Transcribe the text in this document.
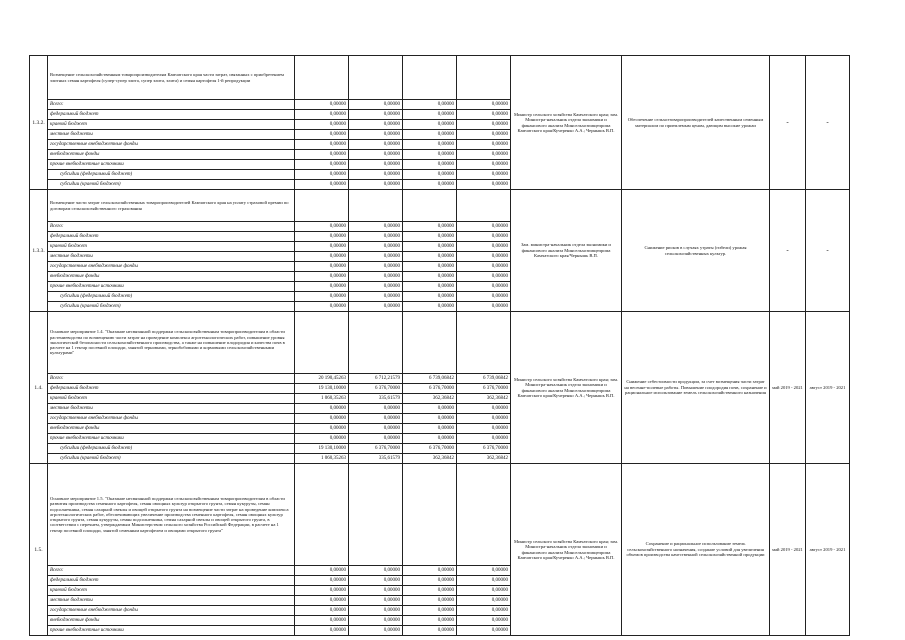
1.3.2.	Возмещение сельскохозяйственным товаропроизводителям Камчатского края части затрат, связанных с приобретением элитных семян картофеля (супер-супер элита, супер элита, элита) и семян картофеля 1-й репродукции					Министр сельского хозяйства Камчатского края; зам. Министра-начальник отдела экономики и финансового анализа Минсельхозпищепрома Камчатского края/Кучеренко А.А.; Чернышь В.П.	Обеспечение сельхозтоваропроизводителей качественным семенным материалом по приемлемым ценам, дающим высокие урожаи	-	-
	Всего:	0,00000	0,00000	0,00000	0,00000				
	федеральный бюджет	0,00000	0,00000	0,00000	0,00000				
	краевой бюджет	0,00000	0,00000	0,00000	0,00000				
	местные бюджеты	0,00000	0,00000	0,00000	0,00000				
	государственные внебюджетные фонды	0,00000	0,00000	0,00000	0,00000				
	внебюджетные фонды	0,00000	0,00000	0,00000	0,00000				
	прочие внебюджетные источники	0,00000	0,00000	0,00000	0,00000				
	субсидии (федеральный бюджет)	0,00000	0,00000	0,00000	0,00000				
	субсидии (краевой бюджет)	0,00000	0,00000	0,00000	0,00000				
1.3.3.	Возмещение части затрат сельскохозяйственных товаропроизводителей Камчатского края на уплату страховой премии по договорам сельскохозяйственного страхования					Зам. министра-начальник отдела экономики и финансового анализа Минсельхозпищепрома Камчатского края/Чернышь В.П.	Снижение рисков в случаях утраты (гибели) урожая сельскохозяйственных культур.	-	-
	Всего:	0,00000	0,00000	0,00000	0,00000				
	федеральный бюджет	0,00000	0,00000	0,00000	0,00000				
	краевой бюджет	0,00000	0,00000	0,00000	0,00000				
	местные бюджеты	0,00000	0,00000	0,00000	0,00000				
	государственные внебюджетные фонды	0,00000	0,00000	0,00000	0,00000				
	внебюджетные фонды	0,00000	0,00000	0,00000	0,00000				
	прочие внебюджетные источники	0,00000	0,00000	0,00000	0,00000				
	субсидии (федеральный бюджет)	0,00000	0,00000	0,00000	0,00000				
	субсидии (краевой бюджет)	0,00000	0,00000	0,00000	0,00000				
1.4.	Основное мероприятие 1.4. "Оказание несвязанной поддержки сельскохозяйственным товаропроизводителям в области растениеводства по возмещению части затрат на проведение комплекса агротехнологических работ, повышение уровня экологической безопасности сельскохозяйственного производства, а также на повышение плодородия и качества почв в расчете на 1 гектар посевной площади, занятой зерновыми, зернобобовыми и кормовыми сельскохозяйственными культурами"					Министр сельского хозяйства Камчатского края; зам. Министра-начальник отдела экономики и финансового анализа Минсельхозпищепрома Камчатского края/Кучеренко А.А.; Чернышь В.П.	Снижение себестоимости продукции, за счет возмещения части затрат на весенне-полевые работы. Повышение плодородия почв, сохранение и рациональное использование земель сельскохозяйственного назначения	май 2019 - 2021	август 2019 - 2021
	Всего:	20 190,45263	6 712,21579	6 739,06842	6 739,06842				
	федеральный бюджет	19 130,10000	6 376,70000	6 376,70000	6 376,70000				
	краевой бюджет	1 060,35263	335,61579	362,36842	362,36842				
	местные бюджеты	0,00000	0,00000	0,00000	0,00000				
	государственные внебюджетные фонды	0,00000	0,00000	0,00000	0,00000				
	внебюджетные фонды	0,00000	0,00000	0,00000	0,00000				
	прочие внебюджетные источники	0,00000	0,00000	0,00000	0,00000				
	субсидии (федеральный бюджет)	19 130,10000	6 376,70000	6 376,70000	6 376,70000				
	субсидии (краевой бюджет)	1 060,35263	335,61579	362,36842	362,36842				
1.5.	Основное мероприятие 1.5. "Оказание несвязанной поддержки сельскохозяйственным товаропроизводителям в области развития производства семенного картофеля, семян овощных культур открытого грунта, семян кукурузы, семян подсолнечника, семян сахарной свеклы и овощей открытого грунта на возмещение части затрат на проведение комплекса агротехнологических работ, обеспечивающих увеличение производства семенного картофеля, семян овощных культур открытого грунта, семян кукурузы, семян подсолнечника, семян сахарной свеклы и овощей открытого грунта, в соответствии с перечнем, утверждаемым Министерством сельского хозяйства Российской Федерации, в расчете на 1 гектар посевной площади, занятой семенным картофелем и овощами открытого грунта"					Министр сельского хозяйства Камчатского края; зам. Министра-начальник отдела экономики и финансового анализа Минсельхозпищепрома Камчатского края/Кучеренко А.А.; Чернышь В.П.	Сохранение и рациональное использование земель сельскохозяйственного назначения, создание условий для увеличения объемов производства качественной сельскохозяйственной продукции	май 2019 - 2021	август 2019 - 2021
	Всего:	0,00000	0,00000	0,00000	0,00000				
	федеральный бюджет	0,00000	0,00000	0,00000	0,00000				
	краевой бюджет	0,00000	0,00000	0,00000	0,00000				
	местные бюджеты	0,00000	0,00000	0,00000	0,00000				
	государственные внебюджетные фонды	0,00000	0,00000	0,00000	0,00000				
	внебюджетные фонды	0,00000	0,00000	0,00000	0,00000				
	прочие внебюджетные источники	0,00000	0,00000	0,00000	0,00000				
